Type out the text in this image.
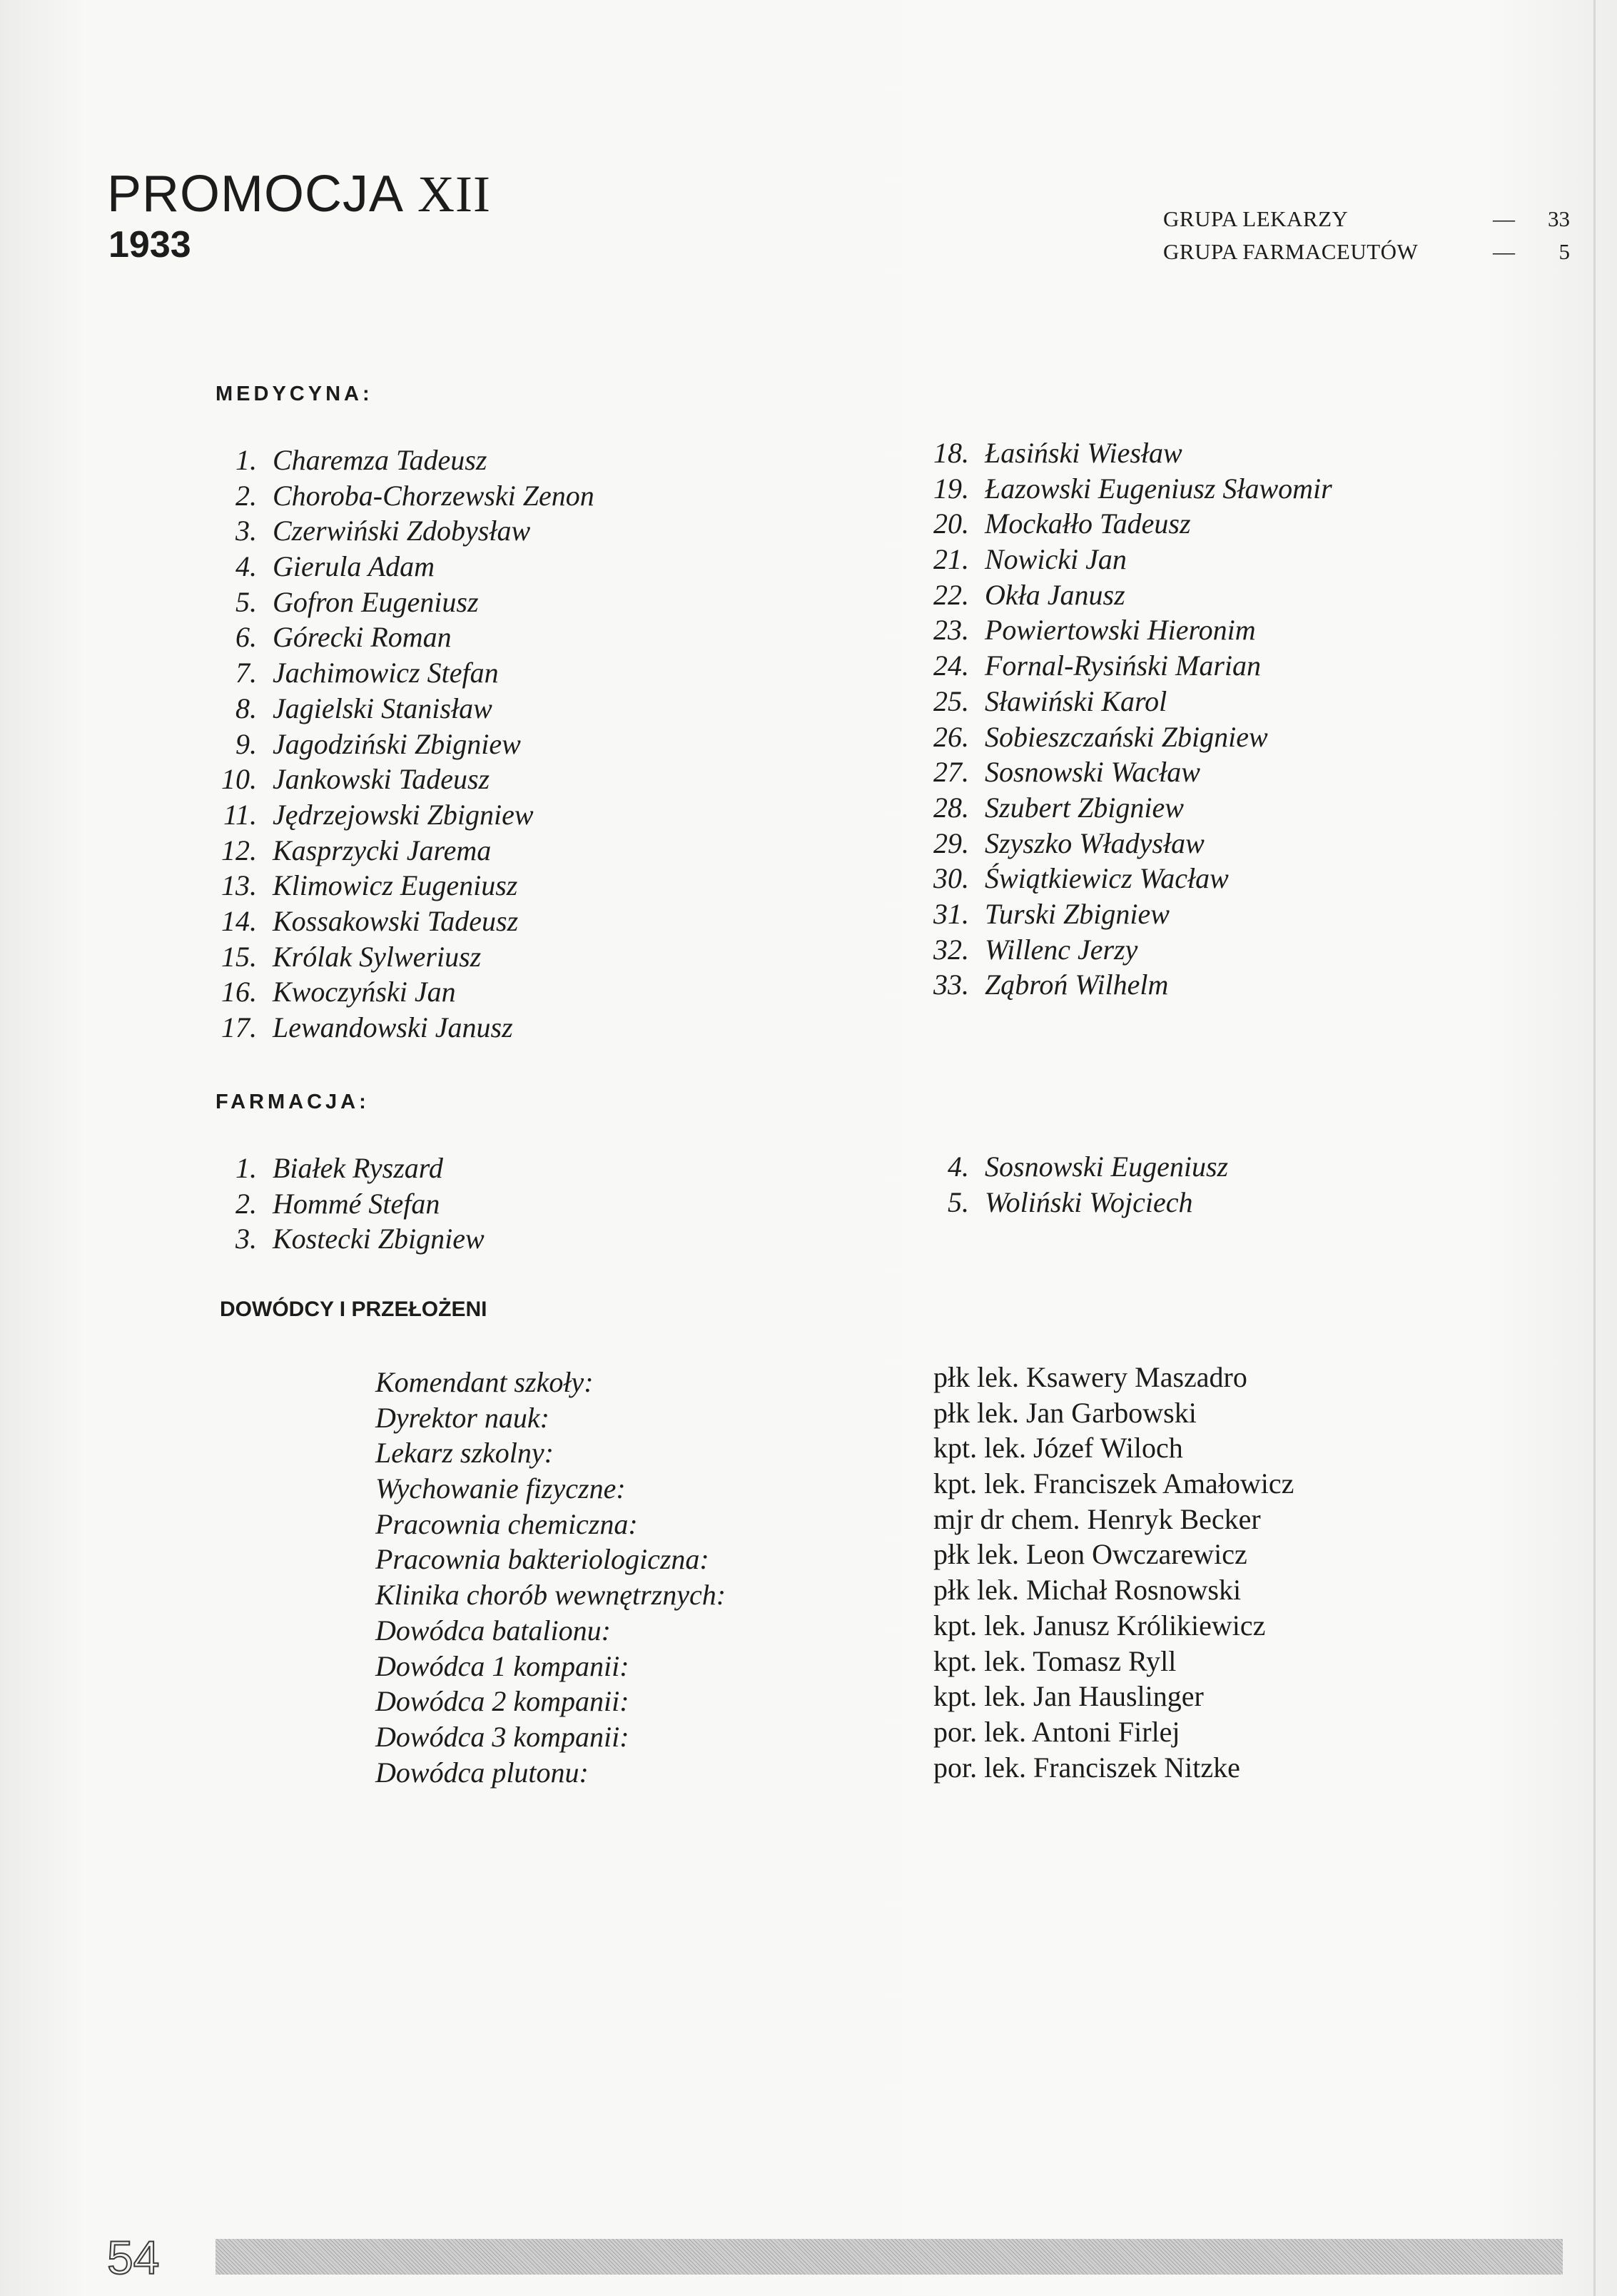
PROMOCJA XII
1933
GRUPA LEKARZY	— 33
GRUPA FARMACEUTÓW	— 5
MEDYCYNA:
1. Charemza Tadeusz
2. Choroba-Chorzewski Zenon
3. Czerwiński Zdobysław
4. Gierula Adam
5. Gofron Eugeniusz
6. Górecki Roman
7. Jachimowicz Stefan
8. Jagielski Stanisław
9. Jagodziński Zbigniew
10. Jankowski Tadeusz
11. Jędrzejowski Zbigniew
12. Kasprzycki Jarema
13. Klimowicz Eugeniusz
14. Kossakowski Tadeusz
15. Królak Sylweriusz
16. Kwoczyński Jan
17. Lewandowski Janusz
18. Łasiński Wiesław
19. Łazowski Eugeniusz Sławomir
20. Mockałło Tadeusz
21. Nowicki Jan
22. Okła Janusz
23. Powiertowski Hieronim
24. Fornal-Rysiński Marian
25. Sławiński Karol
26. Sobieszczański Zbigniew
27. Sosnowski Wacław
28. Szubert Zbigniew
29. Szyszko Władysław
30. Świątkiewicz Wacław
31. Turski Zbigniew
32. Willenc Jerzy
33. Ząbroń Wilhelm
FARMACJA:
1. Białek Ryszard
2. Hommé Stefan
3. Kostecki Zbigniew
4. Sosnowski Eugeniusz
5. Woliński Wojciech
DOWÓDCY I PRZEŁOŻENI
Komendant szkoły:
Dyrektor nauk:
Lekarz szkolny:
Wychowanie fizyczne:
Pracownia chemiczna:
Pracownia bakteriologiczna:
Klinika chorób wewnętrznych:
Dowódca batalionu:
Dowódca 1 kompanii:
Dowódca 2 kompanii:
Dowódca 3 kompanii:
Dowódca plutonu:
płk lek. Ksawery Maszadro
płk lek. Jan Garbowski
kpt. lek. Józef Wiloch
kpt. lek. Franciszek Amałowicz
mjr dr chem. Henryk Becker
płk lek. Leon Owczarewicz
płk lek. Michał Rosnowski
kpt. lek. Janusz Królikiewicz
kpt. lek. Tomasz Ryll
kpt. lek. Jan Hauslinger
por. lek. Antoni Firlej
por. lek. Franciszek Nitzke
54
